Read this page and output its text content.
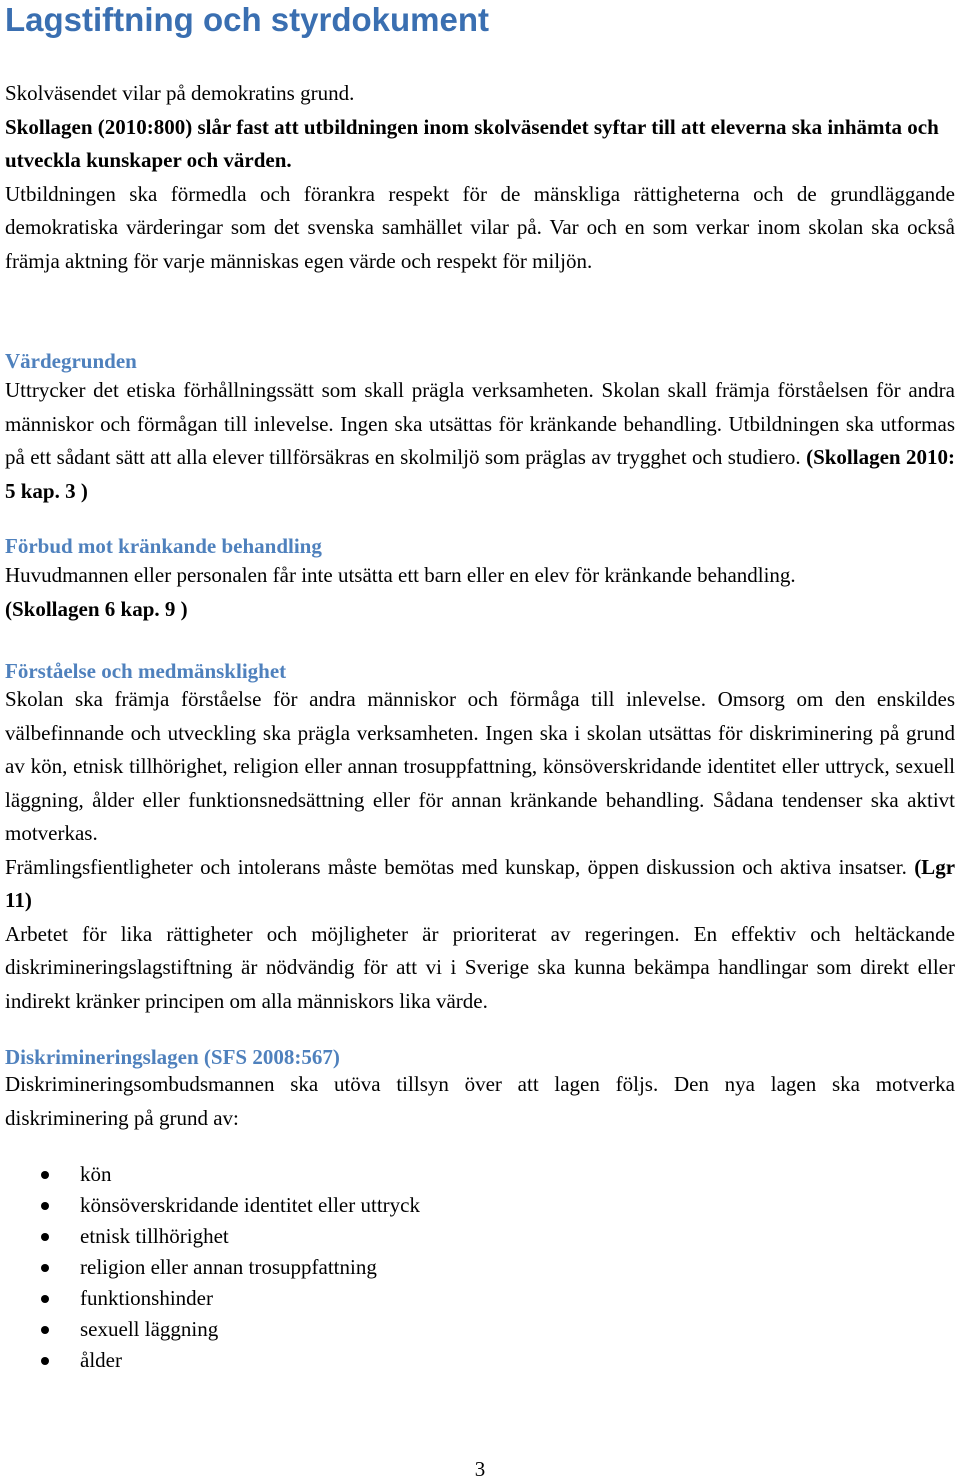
Lagstiftning och styrdokument

Skolväsendet vilar på demokratins grund.

Skollagen (2010:800) slår fast att utbildningen inom skolväsendet syftar till att eleverna ska inhämta och utveckla kunskaper och värden.

Utbildningen ska förmedla och förankra respekt för de mänskliga rättigheterna och de grundläggande demokratiska värderingar som det svenska samhället vilar på. Var och en som verkar inom skolan ska också främja aktning för varje människas egen värde och respekt för miljön.

Värdegrunden

Uttrycker det etiska förhållningssätt som skall prägla verksamheten. Skolan skall främja förståelsen för andra människor och förmågan till inlevelse. Ingen ska utsättas för kränkande behandling. Utbildningen ska utformas på ett sådant sätt att alla elever tillförsäkras en skolmiljö som präglas av trygghet och studiero. (Skollagen 2010: 5 kap. 3 )

Förbud mot kränkande behandling

Huvudmannen eller personalen får inte utsätta ett barn eller en elev för kränkande behandling.

(Skollagen 6 kap. 9 )

Förståelse och medmänsklighet

Skolan ska främja förståelse för andra människor och förmåga till inlevelse. Omsorg om den enskildes välbefinnande och utveckling ska prägla verksamheten. Ingen ska i skolan utsättas för diskriminering på grund av kön, etnisk tillhörighet, religion eller annan trosuppfattning, könsöverskridande identitet eller uttryck, sexuell läggning, ålder eller funktionsnedsättning eller för annan kränkande behandling. Sådana tendenser ska aktivt motverkas.

Främlingsfientligheter och intolerans måste bemötas med kunskap, öppen diskussion och aktiva insatser. (Lgr 11)

Arbetet för lika rättigheter och möjligheter är prioriterat av regeringen. En effektiv och heltäckande diskrimineringslagstiftning är nödvändig för att vi i Sverige ska kunna bekämpa handlingar som direkt eller indirekt kränker principen om alla människors lika värde.

Diskrimineringslagen (SFS 2008:567)

Diskrimineringsombudsmannen ska utöva tillsyn över att lagen följs. Den nya lagen ska motverka diskriminering på grund av:

kön
könsöverskridande identitet eller uttryck
etnisk tillhörighet
religion eller annan trosuppfattning
funktionshinder
sexuell läggning
ålder
3
